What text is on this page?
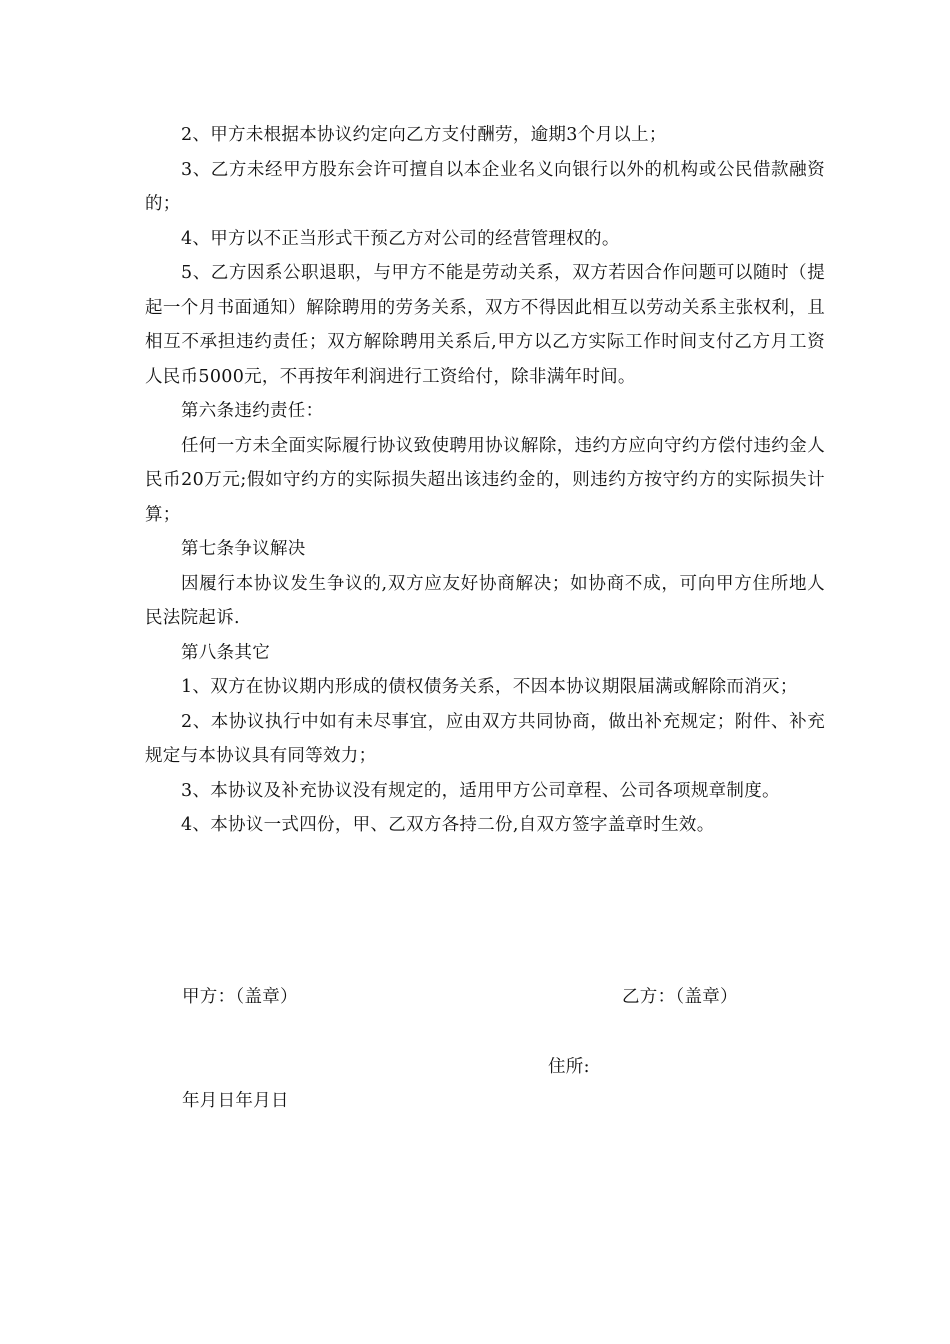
2、甲方未根据本协议约定向乙方支付酬劳，逾期3个月以上；

3、乙方未经甲方股东会许可擅自以本企业名义向银行以外的机构或公民借款融资的；

4、甲方以不正当形式干预乙方对公司的经营管理权的。

5、乙方因系公职退职，与甲方不能是劳动关系，双方若因合作问题可以随时（提起一个月书面通知）解除聘用的劳务关系，双方不得因此相互以劳动关系主张权利，且相互不承担违约责任；双方解除聘用关系后,甲方以乙方实际工作时间支付乙方月工资人民币5000元，不再按年利润进行工资给付，除非满年时间。

第六条违约责任：

任何一方未全面实际履行协议致使聘用协议解除，违约方应向守约方偿付违约金人民币20万元;假如守约方的实际损失超出该违约金的，则违约方按守约方的实际损失计算；

第七条争议解决

因履行本协议发生争议的,双方应友好协商解决；如协商不成，可向甲方住所地人民法院起诉.

第八条其它

1、双方在协议期内形成的债权债务关系，不因本协议期限届满或解除而消灭；

2、本协议执行中如有未尽事宜，应由双方共同协商，做出补充规定；附件、补充规定与本协议具有同等效力；

3、本协议及补充协议没有规定的，适用甲方公司章程、公司各项规章制度。

4、本协议一式四份，甲、乙双方各持二份,自双方签字盖章时生效。

甲方：（盖章）	乙方：（盖章）
住所:
年月日年月日
